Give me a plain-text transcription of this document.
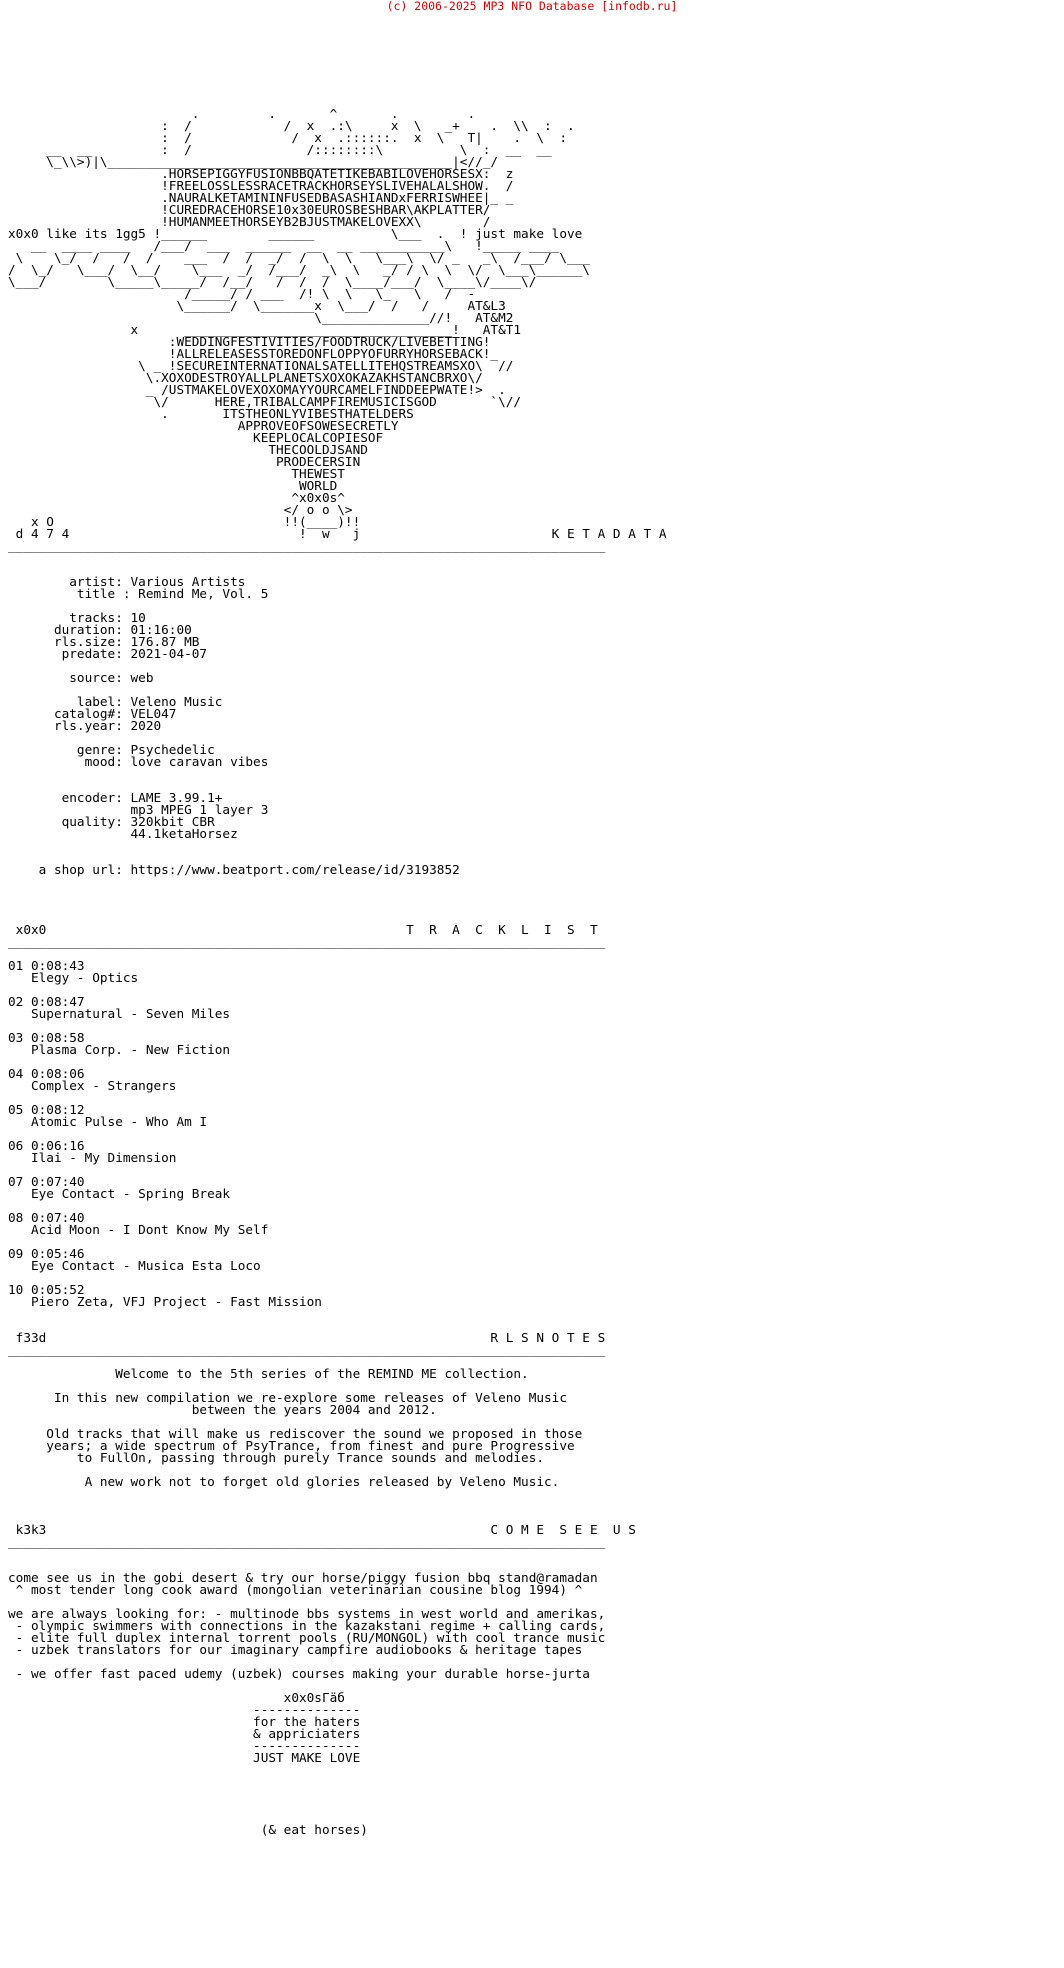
(c) 2006-2025 MP3 NFO Database [infodb.ru]

.         .       ^       .         .
:  /            /  x  .:\     x  \   _+    .  \\  :  .
:  /             /  x  .::::::.  x  \   T|    .  \  :
__  __         :  /               /::::::::\          \  :  __  __
\_\\>)|\_____________________________________________|<//_/
.HORSEPIGGYFUSIONBBQATETIKEBABILOVEHORSESX:  z
!FREELOSSLESSRACETRACKHORSEYSLIVEHALALSHOW.  /
.NAURALKETAMININFUSEDBASASHIANDxFERRISWHEE|_ _
!CUREDRACEHORSE10x30EUROSBESHBAR\AKPLATTER/
!HUMANMEETHORSEYB2BJUSTMAKELOVEXX\        /
x0x0 like its 1gg5 !______        ______          \___  .  ! just make love
__  ____ ____   /___/  ___  ______  __  __ ___________\   !_____ ____
\    \_/  /   /  /    ___  /  /  _/  /  \  \   \___\  \/ _   _\  /___/ \___
/  \_/   \___/  \__/    \___  _/  /___/  _\  \   _/ / \  \  \/  \___\______\
\___/        \_____\_____/  /__/   /  /  /  \____/___/  \____\/____\/
/_____/ / ___  /! \  \   \_   \   /  -
\______/  \_______x  \___/  /   /     AT&L3
\______________//!   AT&M2
x      ___________________________________!   AT&T1
:WEDDINGFESTIVITIES/FOODTRUCK/LIVEBETTING!
!ALLRELEASESSTOREDONFLOPPYOFURRYHORSEBACK!_
\ _ !SECUREINTERNATIONALSATELLITEHQSTREAMSXO\  //
\.XOXODESTROYALLPLANETSXOXOKAZAKHSTANCBRXO\/
_ /USTMAKELOVEXOXOMAYYOURCAMELFINDDEEPWATE!>  .
\/      HERE,TRIBALCAMPFIREMUSICISGOD       `\//
.       ITSTHEONLYVIBESTHATELDERS
APPROVEOFSOWESECRETLY
KEEPLOCALCOPIESOF
THECOOLDJSAND
PRODECERSIN
THEWEST
WORLD
^x0x0s^
</ o o \>
x O                              !!(____)!!
d 4 7 4                              !  w   j                         K E T A D A T A
______________________________________________________________________________

artist: Various Artists
title : Remind Me, Vol. 5

tracks: 10
duration: 01:16:00
rls.size: 176.87 MB
predate: 2021-04-07

source: web

label: Veleno Music
catalog#: VEL047
rls.year: 2020

genre: Psychedelic
mood: love caravan vibes

encoder: LAME 3.99.1+
mp3 MPEG 1 layer 3
quality: 320kbit CBR
44.1ketaHorsez

a shop url: https://www.beatport.com/release/id/3193852

x0x0                                               T  R  A  C  K  L  I  S  T
______________________________________________________________________________

01 0:08:43
Elegy - Optics

02 0:08:47
Supernatural - Seven Miles

03 0:08:58
Plasma Corp. - New Fiction

04 0:08:06
Complex - Strangers

05 0:08:12
Atomic Pulse - Who Am I

06 0:06:16
Ilai - My Dimension

07 0:07:40
Eye Contact - Spring Break

08 0:07:40
Acid Moon - I Dont Know My Self

09 0:05:46
Eye Contact - Musica Esta Loco

10 0:05:52
Piero Zeta, VFJ Project - Fast Mission

f33d                                                          R L S N O T E S
______________________________________________________________________________

Welcome to the 5th series of the REMIND ME collection.

In this new compilation we re-explore some releases of Veleno Music
between the years 2004 and 2012.

Old tracks that will make us rediscover the sound we proposed in those
years; a wide spectrum of PsyTrance, from finest and pure Progressive
to FullOn, passing through purely Trance sounds and melodies.

A new work not to forget old glories released by Veleno Music.

k3k3                                                          C O M E  S E E  U S
______________________________________________________________________________

come see us in the gobi desert & try our horse/piggy fusion bbq stand@ramadan
^ most tender long cook award (mongolian veterinarian cousine blog 1994) ^

we are always looking for: - multinode bbs systems in west world and amerikas,
- olympic swimmers with connections in the kazakstani regime + calling cards,
- elite full duplex internal torrent pools (RU/MONGOL) with cool trance music
- uzbek translators for our imaginary campfire audiobooks & heritage tapes

- we offer fast paced udemy (uzbek) courses making your durable horse-jurta

x0x0sГäб
--------------
for the haters
& appriciaters
--------------
JUST MAKE LOVE

(& eat horses)
